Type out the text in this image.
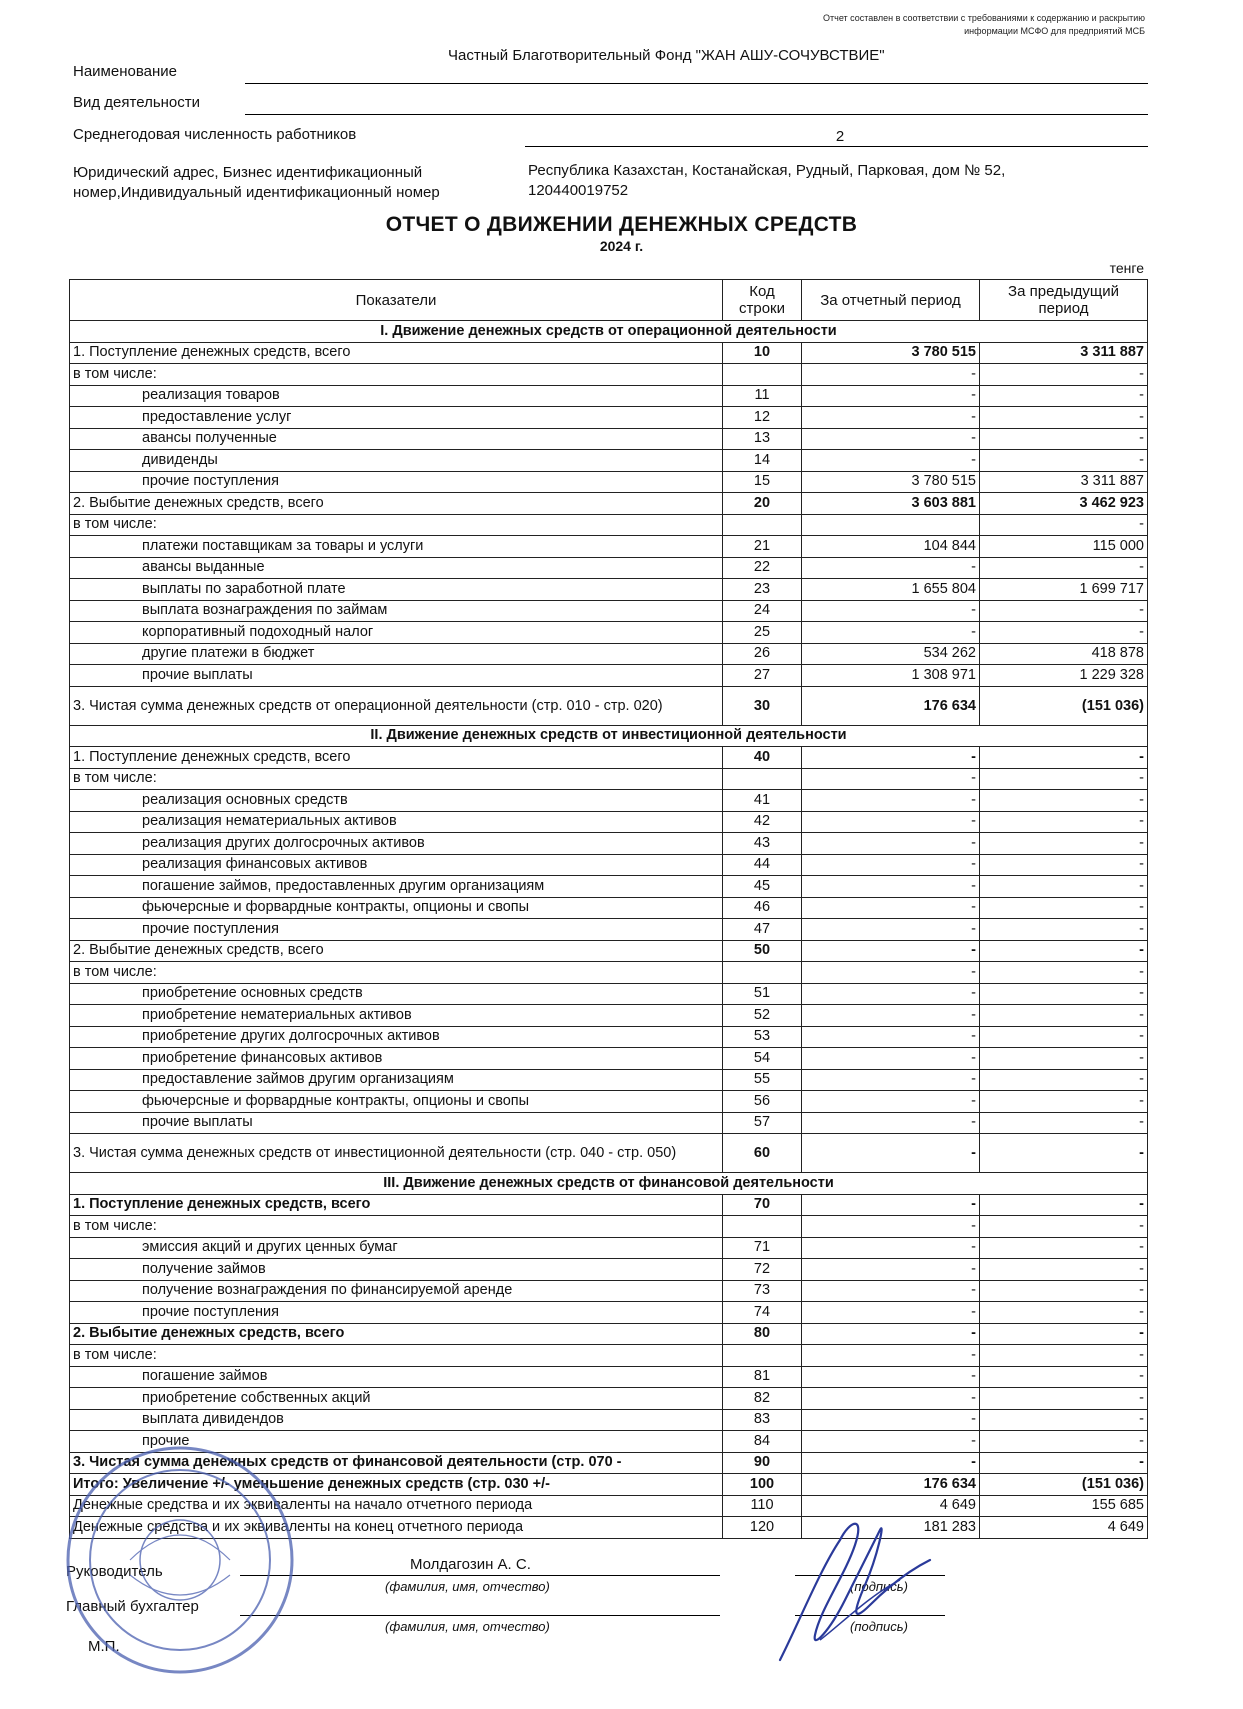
Отчет составлен в соответствии с требованиями к содержанию и раскрытию информации МСФО для предприятий МСБ
Наименование
Частный Благотворительный Фонд "ЖАН АШУ-СОЧУВСТВИЕ"
Вид деятельности
Среднегодовая численность работников	2
Юридический адрес, Бизнес идентификационный номер,Индивидуальный идентификационный номер
Республика Казахстан, Костанайская, Рудный, Парковая, дом № 52, 120440019752
ОТЧЕТ О ДВИЖЕНИИ ДЕНЕЖНЫХ СРЕДСТВ
2024 г.
тенге
Показатели	Код строки	За отчетный период	За предыдущий период
I. Движение денежных средств от операционной деятельности			
1. Поступление денежных средств, всего	10	3 780 515	3 311 887
в том числе:		-	-
реализация товаров	11	-	-
предоставление услуг	12	-	-
авансы полученные	13	-	-
дивиденды	14	-	-
прочие поступления	15	3 780 515	3 311 887
2. Выбытие денежных средств, всего	20	3 603 881	3 462 923
в том числе:			-
платежи поставщикам за товары и услуги	21	104 844	115 000
авансы выданные	22	-	-
выплаты по заработной плате	23	1 655 804	1 699 717
выплата вознаграждения по займам	24	-	-
корпоративный подоходный налог	25	-	-
другие платежи в бюджет	26	534 262	418 878
прочие выплаты	27	1 308 971	1 229 328
3. Чистая сумма денежных средств от операционной деятельности (стр. 010 - стр. 020)	30	176 634	(151 036)
II. Движение денежных средств от инвестиционной деятельности			
1. Поступление денежных средств, всего	40	-	-
в том числе:		-	-
реализация основных средств	41	-	-
реализация нематериальных активов	42	-	-
реализация других долгосрочных активов	43	-	-
реализация финансовых активов	44	-	-
погашение займов, предоставленных другим организациям	45	-	-
фьючерсные и форвардные контракты, опционы и свопы	46	-	-
прочие поступления	47	-	-
2. Выбытие денежных средств, всего	50	-	-
в том числе:		-	-
приобретение основных средств	51	-	-
приобретение нематериальных активов	52	-	-
приобретение других долгосрочных активов	53	-	-
приобретение финансовых активов	54	-	-
предоставление займов другим организациям	55	-	-
фьючерсные и форвардные контракты, опционы и свопы	56	-	-
прочие выплаты	57	-	-
3. Чистая сумма денежных средств от инвестиционной деятельности (стр. 040 - стр. 050)	60	-	-
III. Движение денежных средств от финансовой деятельности			
1. Поступление денежных средств, всего	70	-	-
в том числе:		-	-
эмиссия акций и других ценных бумаг	71	-	-
получение займов	72	-	-
получение вознаграждения по финансируемой аренде	73	-	-
прочие поступления	74	-	-
2. Выбытие денежных средств, всего	80	-	-
в том числе:		-	-
погашение займов	81	-	-
приобретение собственных акций	82	-	-
выплата дивидендов	83	-	-
прочие	84	-	-
3. Чистая сумма денежных средств от финансовой деятельности (стр. 070 -	90	-	-
Итого: Увеличение +/- уменьшение денежных средств (стр. 030 +/-	100	176 634	(151 036)
Денежные средства и их эквиваленты на начало отчетного периода	110	4 649	155 685
Денежные средства и их эквиваленты на конец отчетного периода	120	181 283	4 649
Руководитель	Молдагозин А. С.
(фамилия, имя, отчество)	(подпись)
Главный бухгалтер
(фамилия, имя, отчество)	(подпись)
М.П.
